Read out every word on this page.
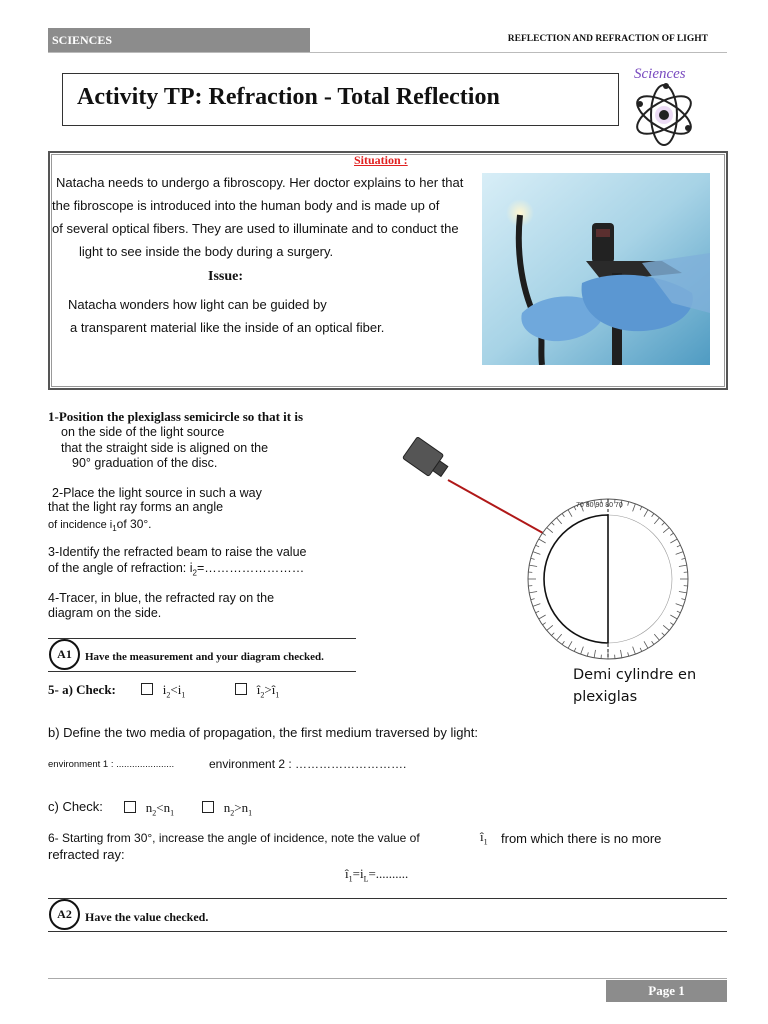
SCIENCES	REFLECTION AND REFRACTION OF LIGHT
Activity TP: Refraction - Total Reflection
Sciences
Situation :
Natacha needs to undergo a fibroscopy. Her doctor explains to her that
the fibroscope is introduced into the human body and is made up of
of several optical fibers. They are used to illuminate and to conduct the
light to see inside the body during a surgery.
Issue:
Natacha wonders how light can be guided by
a transparent material like the inside of an optical fiber.
1-Position the plexiglass semicircle so that it is
on the side of the light source
that the straight side is aligned on the
90° graduation of the disc.
2-Place the light source in such a way
that the light ray forms an angle
of incidence $i_1of$ 30°.
3-Identify the refracted beam to raise the value
of the angle of refraction: $i_2=\dots\dots\dots\dots\dots\dots\dots\dots$
4-Tracer, in blue, the refracted ray on the
diagram on the side.
70 80 90 80 70
Demi cylindre en
plexiglas
A1	Have the measurement and your diagram checked.
5- a) Check:	$i_2<i_1$	$î_2>î_1$
b) Define the two media of propagation, the first medium traversed by light:
environment 1 : ......................	environment 2 : ……………………….
c) Check:	$n_2<n_1$	$n_2>n_1$
6- Starting from 30°, increase the angle of incidence, note the value of	$î_1$ from which there is no more
refracted ray:
$î_1=i_L=$..........
A2	Have the value checked.
Page 1
